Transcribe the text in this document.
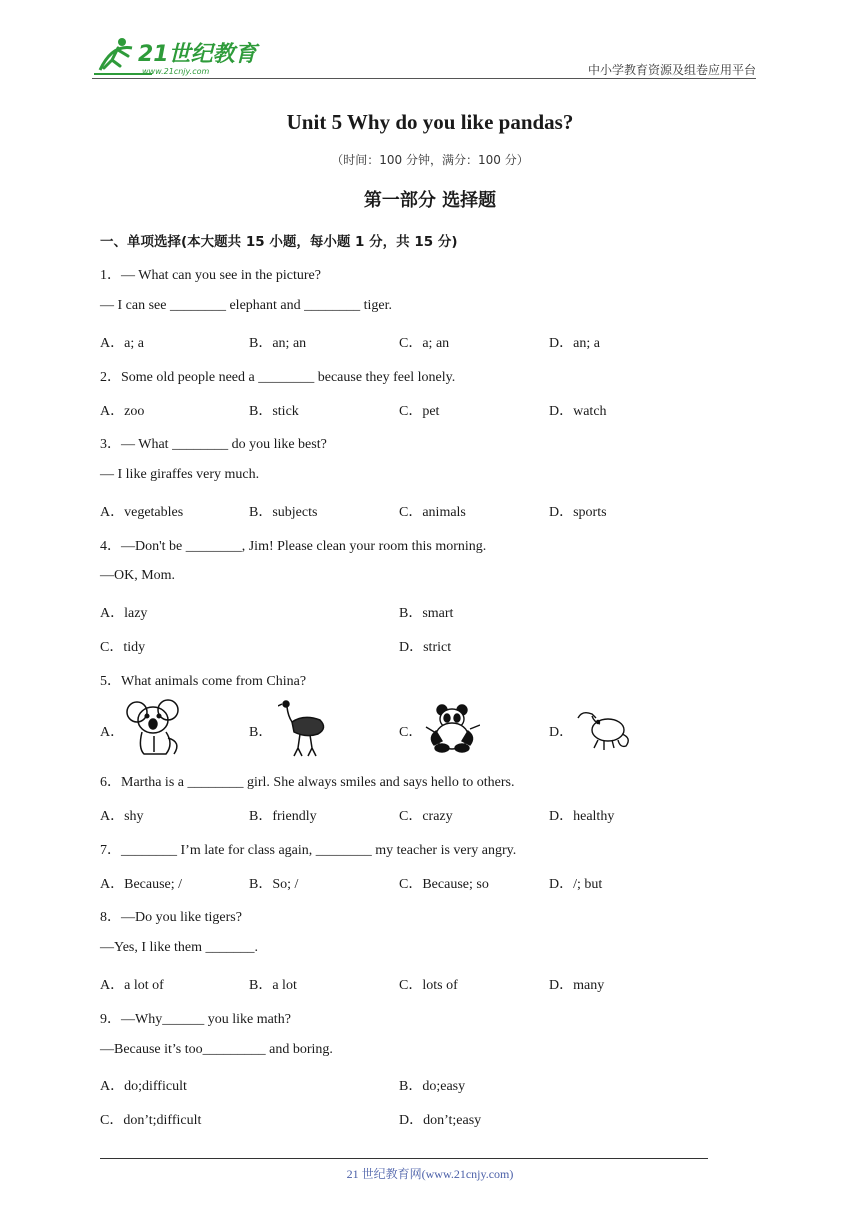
21世纪教育
www.21cnjy.com	中小学教育资源及组卷应用平台
Unit 5 Why do you like pandas?
（时间：100 分钟，满分：100 分）
第一部分 选择题
一、单项选择(本大题共 15 小题，每小题 1 分，共 15 分)
1．— What can you see in the picture?
— I can see ________ elephant and ________ tiger.
A．a; a	B．an; an	C．a; an	D．an; a
2．Some old people need a ________ because they feel lonely.
A．zoo	B．stick	C．pet	D．watch
3．— What ________ do you like best?
— I like giraffes very much.
A．vegetables	B．subjects	C．animals	D．sports
4．—Don't be ________, Jim! Please clean your room this morning.
—OK, Mom.
A．lazy	B．smart
C．tidy	D．strict
5．What animals come from China?
A．	B．	C．	D．
6．Martha is a ________ girl. She always smiles and says hello to others.
A．shy	B．friendly	C．crazy	D．healthy
7．________ I’m late for class again, ________ my teacher is very angry.
A．Because; /	B．So; /	C．Because; so	D．/; but
8．—Do you like tigers?
—Yes, I like them _______.
A．a lot of	B．a lot	C．lots of	D．many
9．—Why______ you like math?
—Because it’s too_________ and boring.
A．do;difficult	B．do;easy
C．don’t;difficult	D．don’t;easy
21 世纪教育网(www.21cnjy.com)
